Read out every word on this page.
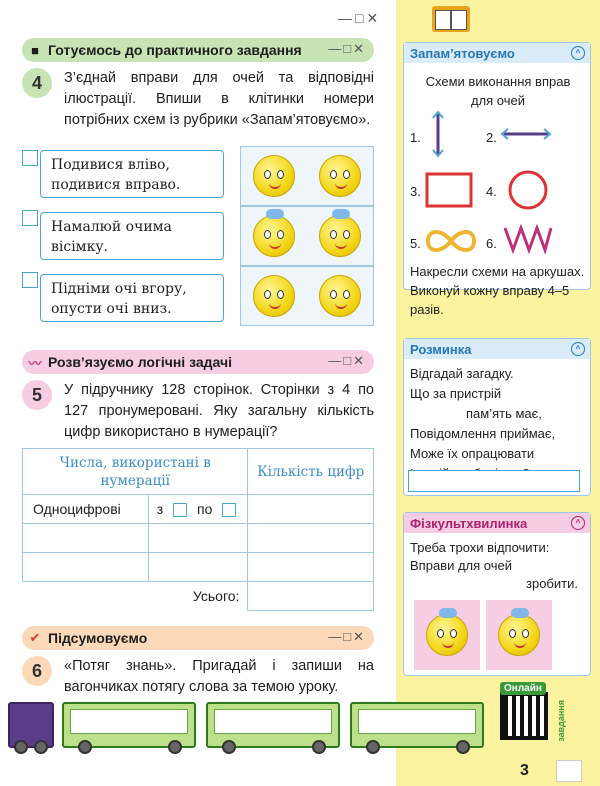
—□✕
■ Готуємось до практичного завдання —□✕
4	З’єднай вправи для очей та відповідні ілюстрації. Впиши в клітинки номери потрібних схем із рубрики «Запам’ятовуємо».
Подивися вліво, подивися вправо.
Намалюй очима вісімку.
Підніми очі вгору, опусти очі вниз.
〰 Розв’язуємо логічні задачі	—□✕
5	У підручнику 128 сторінок. Сторінки з 4 по 127 пронумеровані. Яку загальну кількість цифр використано в нумерації?
Числа, використані в нумерації		Кількість цифр
Одноцифрові	з по	

	Усього:	
✔ Підсумовуємо	—□✕
6	«Потяг знань». Пригадай і запиши на вагончиках потягу слова за темою уроку.
Запам’ятовуємо	^
Схеми виконання вправ для очей
1.	2.
3.	4.
5.	6.
Накресли схеми на аркушах. Виконуй кожну вправу 4–5 разів.
Розминка	^
Відгадай загадку.
Що за пристрій
пам’ять має,
Повідомлення приймає,
Може їх опрацювати
Фізкультхвилинка	^
Треба трохи відпочити:
Вправи для очей
зробити.
Онлайн
завдання
3
